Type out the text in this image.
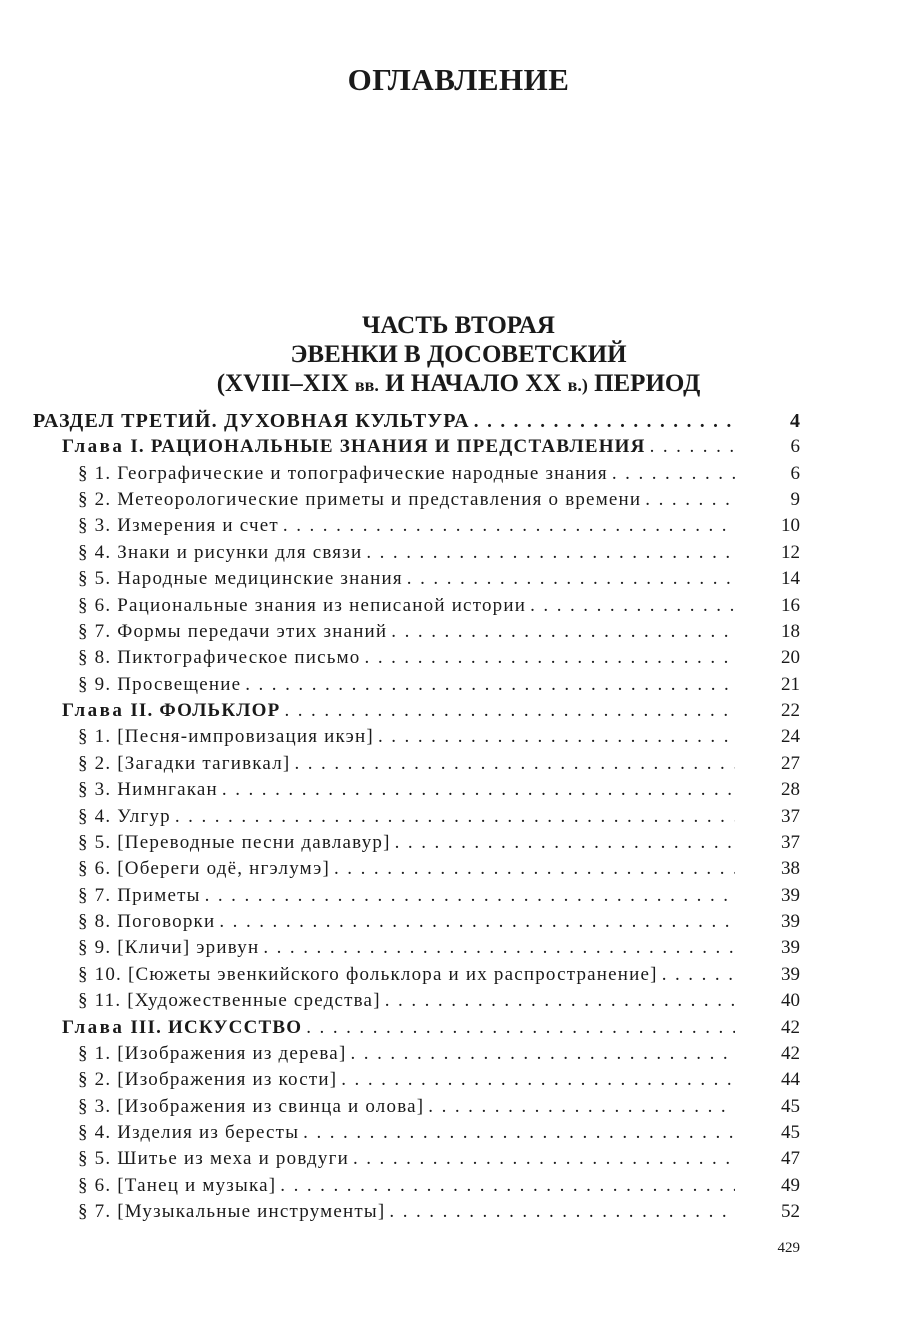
ОГЛАВЛЕНИЕ
ЧАСТЬ ВТОРАЯ
ЭВЕНКИ В ДОСОВЕТСКИЙ
(XVIII–XIX вв. И НАЧАЛО XX в.) ПЕРИОД
РАЗДЕЛ ТРЕТИЙ. ДУХОВНАЯ КУЛЬТУРА . . .	4
Глава I. РАЦИОНАЛЬНЫЕ ЗНАНИЯ И ПРЕДСТАВЛЕНИЯ . . .	6
§ 1. Географические и топографические народные знания . . .	6
§ 2. Метеорологические приметы и представления о времени . . .	9
§ 3. Измерения и счет . . .	10
§ 4. Знаки и рисунки для связи . . .	12
§ 5. Народные медицинские знания . . .	14
§ 6. Рациональные знания из неписаной истории . . .	16
§ 7. Формы передачи этих знаний . . .	18
§ 8. Пиктографическое письмо . . .	20
§ 9. Просвещение . . .	21
Глава II. ФОЛЬКЛОР . . .	22
§ 1. [Песня-импровизация икэн] . . .	24
§ 2. [Загадки тагивкал] . . .	27
§ 3. Нимнгакан . . .	28
§ 4. Улгур . . .	37
§ 5. [Переводные песни давлавур] . . .	37
§ 6. [Обереги одё, нгэлумэ] . . .	38
§ 7. Приметы . . .	39
§ 8. Поговорки . . .	39
§ 9. [Кличи] эривун . . .	39
§ 10. [Сюжеты эвенкийского фольклора и их распространение] . . .	39
§ 11. [Художественные средства] . . .	40
Глава III. ИСКУССТВО . . .	42
§ 1. [Изображения из дерева] . . .	42
§ 2. [Изображения из кости] . . .	44
§ 3. [Изображения из свинца и олова] . . .	45
§ 4. Изделия из бересты . . .	45
§ 5. Шитье из меха и ровдуги . . .	47
§ 6. [Танец и музыка] . . .	49
§ 7. [Музыкальные инструменты] . . .	52
429
